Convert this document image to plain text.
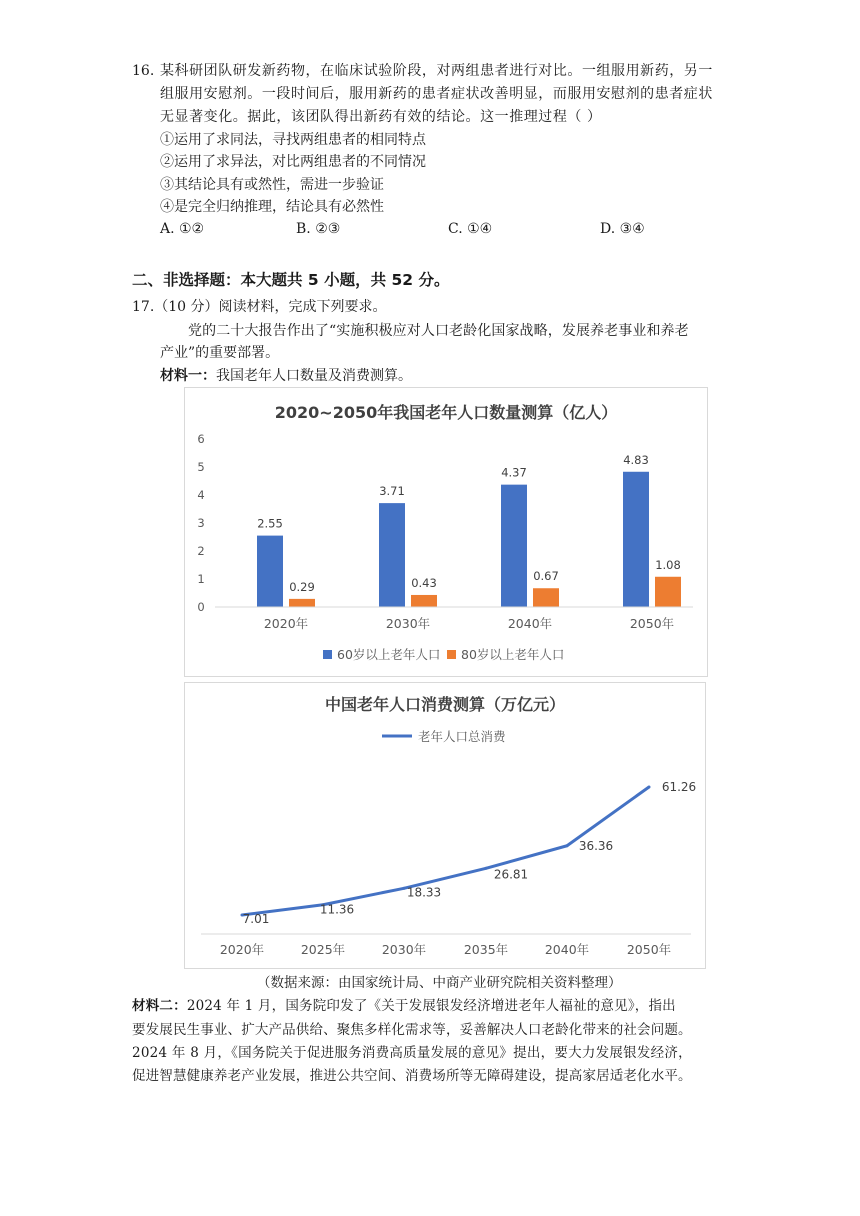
16. 某科研团队研发新药物，在临床试验阶段，对两组患者进行对比。一组服用新药，另一
组服用安慰剂。一段时间后，服用新药的患者症状改善明显，而服用安慰剂的患者症状
无显著变化。据此，该团队得出新药有效的结论。这一推理过程（ ）
①运用了求同法，寻找两组患者的相同特点
②运用了求异法，对比两组患者的不同情况
③其结论具有或然性，需进一步验证
④是完全归纳推理，结论具有必然性
A. ①②	B. ②③	C. ①④	D. ③④
二、非选择题：本大题共 5 小题，共 52 分。
17.（10 分）阅读材料，完成下列要求。
党的二十大报告作出了“实施积极应对人口老龄化国家战略，发展养老事业和养老
产业”的重要部署。
材料一：我国老年人口数量及消费测算。
2020~2050年我国老年人口数量测算（亿人）
0
1
2
3
4
5
6
2.55
0.29
3.71
0.43
4.37
0.67
4.83
1.08
2020年	2030年	2040年	2050年
60岁以上老年人口 80岁以上老年人口
中国老年人口消费测算（万亿元）
老年人口总消费
7.01
11.36
18.33
26.81
36.36
61.26
2020年	2025年	2030年	2035年	2040年	2050年
（数据来源：由国家统计局、中商产业研究院相关资料整理）
材料二：2024 年 1 月，国务院印发了《关于发展银发经济增进老年人福祉的意见》，指出
要发展民生事业、扩大产品供给、聚焦多样化需求等，妥善解决人口老龄化带来的社会问题。
2024 年 8 月，《国务院关于促进服务消费高质量发展的意见》提出，要大力发展银发经济，
促进智慧健康养老产业发展，推进公共空间、消费场所等无障碍建设，提高家居适老化水平。
